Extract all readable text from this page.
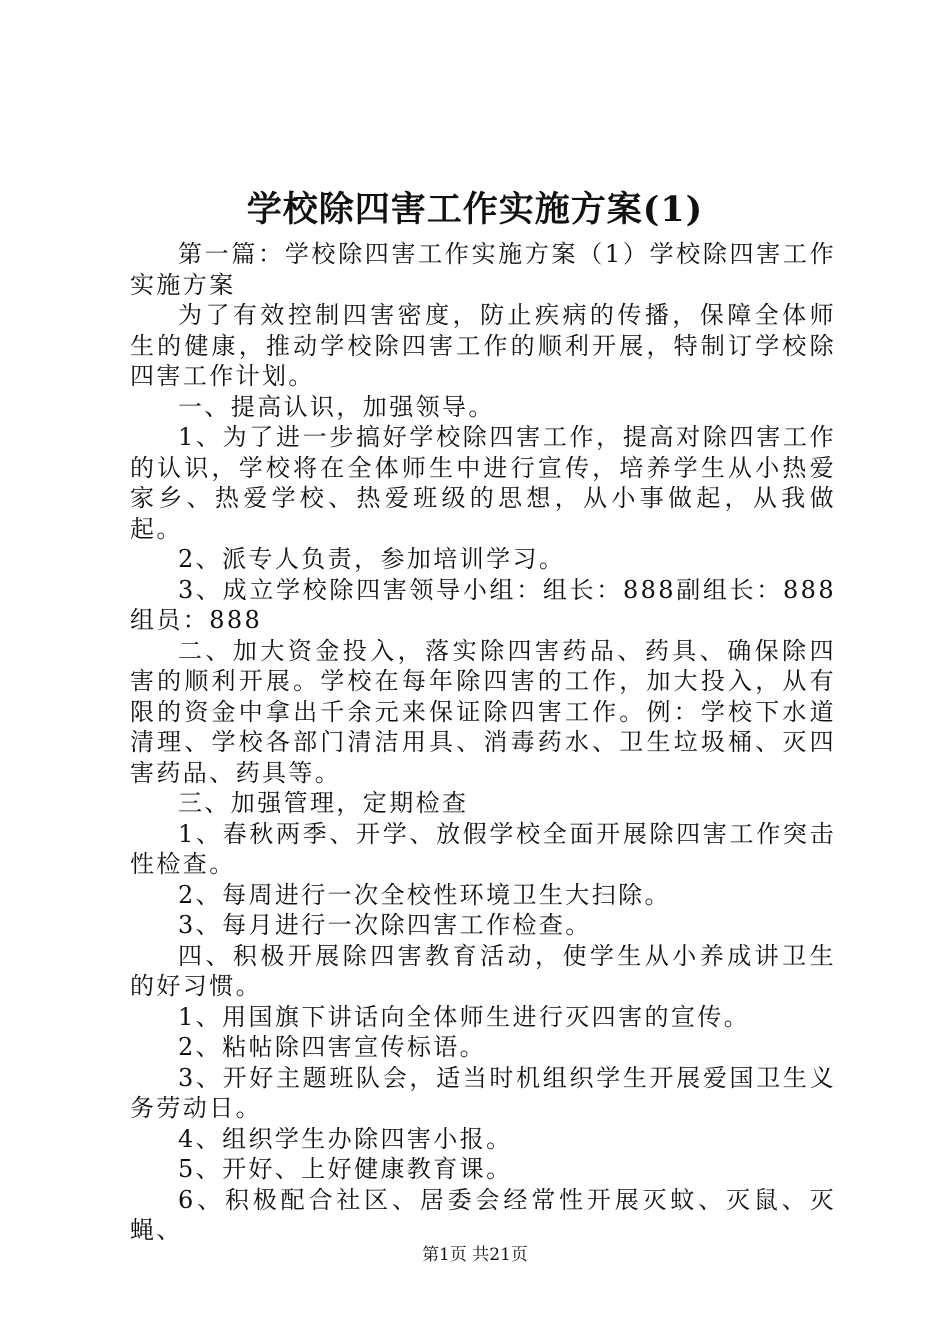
学校除四害工作实施方案(1)

第一篇：学校除四害工作实施方案（1）学校除四害工作实施方案

为了有效控制四害密度，防止疾病的传播，保障全体师生的健康，推动学校除四害工作的顺利开展，特制订学校除四害工作计划。

一、提高认识，加强领导。

1、为了进一步搞好学校除四害工作，提高对除四害工作的认识，学校将在全体师生中进行宣传，培养学生从小热爱家乡、热爱学校、热爱班级的思想，从小事做起，从我做起。

2、派专人负责，参加培训学习。

3、成立学校除四害领导小组：组长：888副组长：888组员：888

二、加大资金投入，落实除四害药品、药具、确保除四害的顺利开展。学校在每年除四害的工作，加大投入，从有限的资金中拿出千余元来保证除四害工作。例：学校下水道清理、学校各部门清洁用具、消毒药水、卫生垃圾桶、灭四害药品、药具等。

三、加强管理，定期检查

1、春秋两季、开学、放假学校全面开展除四害工作突击性检查。

2、每周进行一次全校性环境卫生大扫除。

3、每月进行一次除四害工作检查。

四、积极开展除四害教育活动，使学生从小养成讲卫生的好习惯。

1、用国旗下讲话向全体师生进行灭四害的宣传。

2、粘帖除四害宣传标语。

3、开好主题班队会，适当时机组织学生开展爱国卫生义务劳动日。

4、组织学生办除四害小报。

5、开好、上好健康教育课。

6、积极配合社区、居委会经常性开展灭蚊、灭鼠、灭蝇、

第1页 共21页
